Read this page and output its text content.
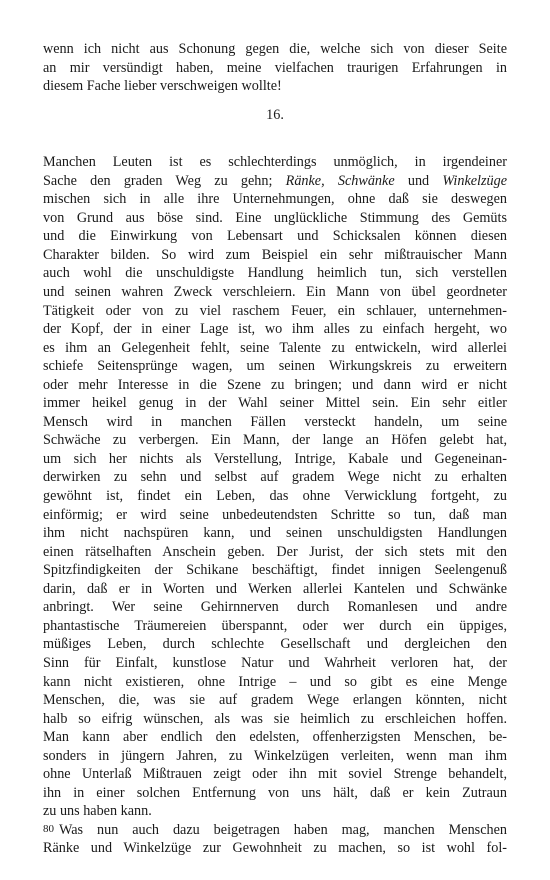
wenn ich nicht aus Schonung gegen die, welche sich von dieser Seite
an mir versündigt haben, meine vielfachen traurigen Erfahrungen in
diesem Fache lieber verschweigen wollte!
16.
Manchen Leuten ist es schlechterdings unmöglich, in irgendeiner
Sache den graden Weg zu gehn; Ränke, Schwänke und Winkelzüge
mischen sich in alle ihre Unternehmungen, ohne daß sie deswegen
von Grund aus böse sind. Eine unglückliche Stimmung des Gemüts
und die Einwirkung von Lebensart und Schicksalen können diesen
Charakter bilden. So wird zum Beispiel ein sehr mißtrauischer Mann
auch wohl die unschuldigste Handlung heimlich tun, sich verstellen
und seinen wahren Zweck verschleiern. Ein Mann von übel geordneter
Tätigkeit oder von zu viel raschem Feuer, ein schlauer, unternehmen-
der Kopf, der in einer Lage ist, wo ihm alles zu einfach hergeht, wo
es ihm an Gelegenheit fehlt, seine Talente zu entwickeln, wird allerlei
schiefe Seitensprünge wagen, um seinen Wirkungskreis zu erweitern
oder mehr Interesse in die Szene zu bringen; und dann wird er nicht
immer heikel genug in der Wahl seiner Mittel sein. Ein sehr eitler
Mensch wird in manchen Fällen versteckt handeln, um seine
Schwäche zu verbergen. Ein Mann, der lange an Höfen gelebt hat,
um sich her nichts als Verstellung, Intrige, Kabale und Gegeneinan-
derwirken zu sehn und selbst auf gradem Wege nicht zu erhalten
gewöhnt ist, findet ein Leben, das ohne Verwicklung fortgeht, zu
einförmig; er wird seine unbedeutendsten Schritte so tun, daß man
ihm nicht nachspüren kann, und seinen unschuldigsten Handlungen
einen rätselhaften Anschein geben. Der Jurist, der sich stets mit den
Spitzfindigkeiten der Schikane beschäftigt, findet innigen Seelengenuß
darin, daß er in Worten und Werken allerlei Kantelen und Schwänke
anbringt. Wer seine Gehirnnerven durch Romanlesen und andre
phantastische Träumereien überspannt, oder wer durch ein üppiges,
müßiges Leben, durch schlechte Gesellschaft und dergleichen den
Sinn für Einfalt, kunstlose Natur und Wahrheit verloren hat, der
kann nicht existieren, ohne Intrige – und so gibt es eine Menge
Menschen, die, was sie auf gradem Wege erlangen könnten, nicht
halb so eifrig wünschen, als was sie heimlich zu erschleichen hoffen.
Man kann aber endlich den edelsten, offenherzigsten Menschen, be-
sonders in jüngern Jahren, zu Winkelzügen verleiten, wenn man ihm
ohne Unterlaß Mißtrauen zeigt oder ihn mit soviel Strenge behandelt,
ihn in einer solchen Entfernung von uns hält, daß er kein Zutraun
zu uns haben kann.
Was nun auch dazu beigetragen haben mag, manchen Menschen
Ränke und Winkelzüge zur Gewohnheit zu machen, so ist wohl fol-
80
